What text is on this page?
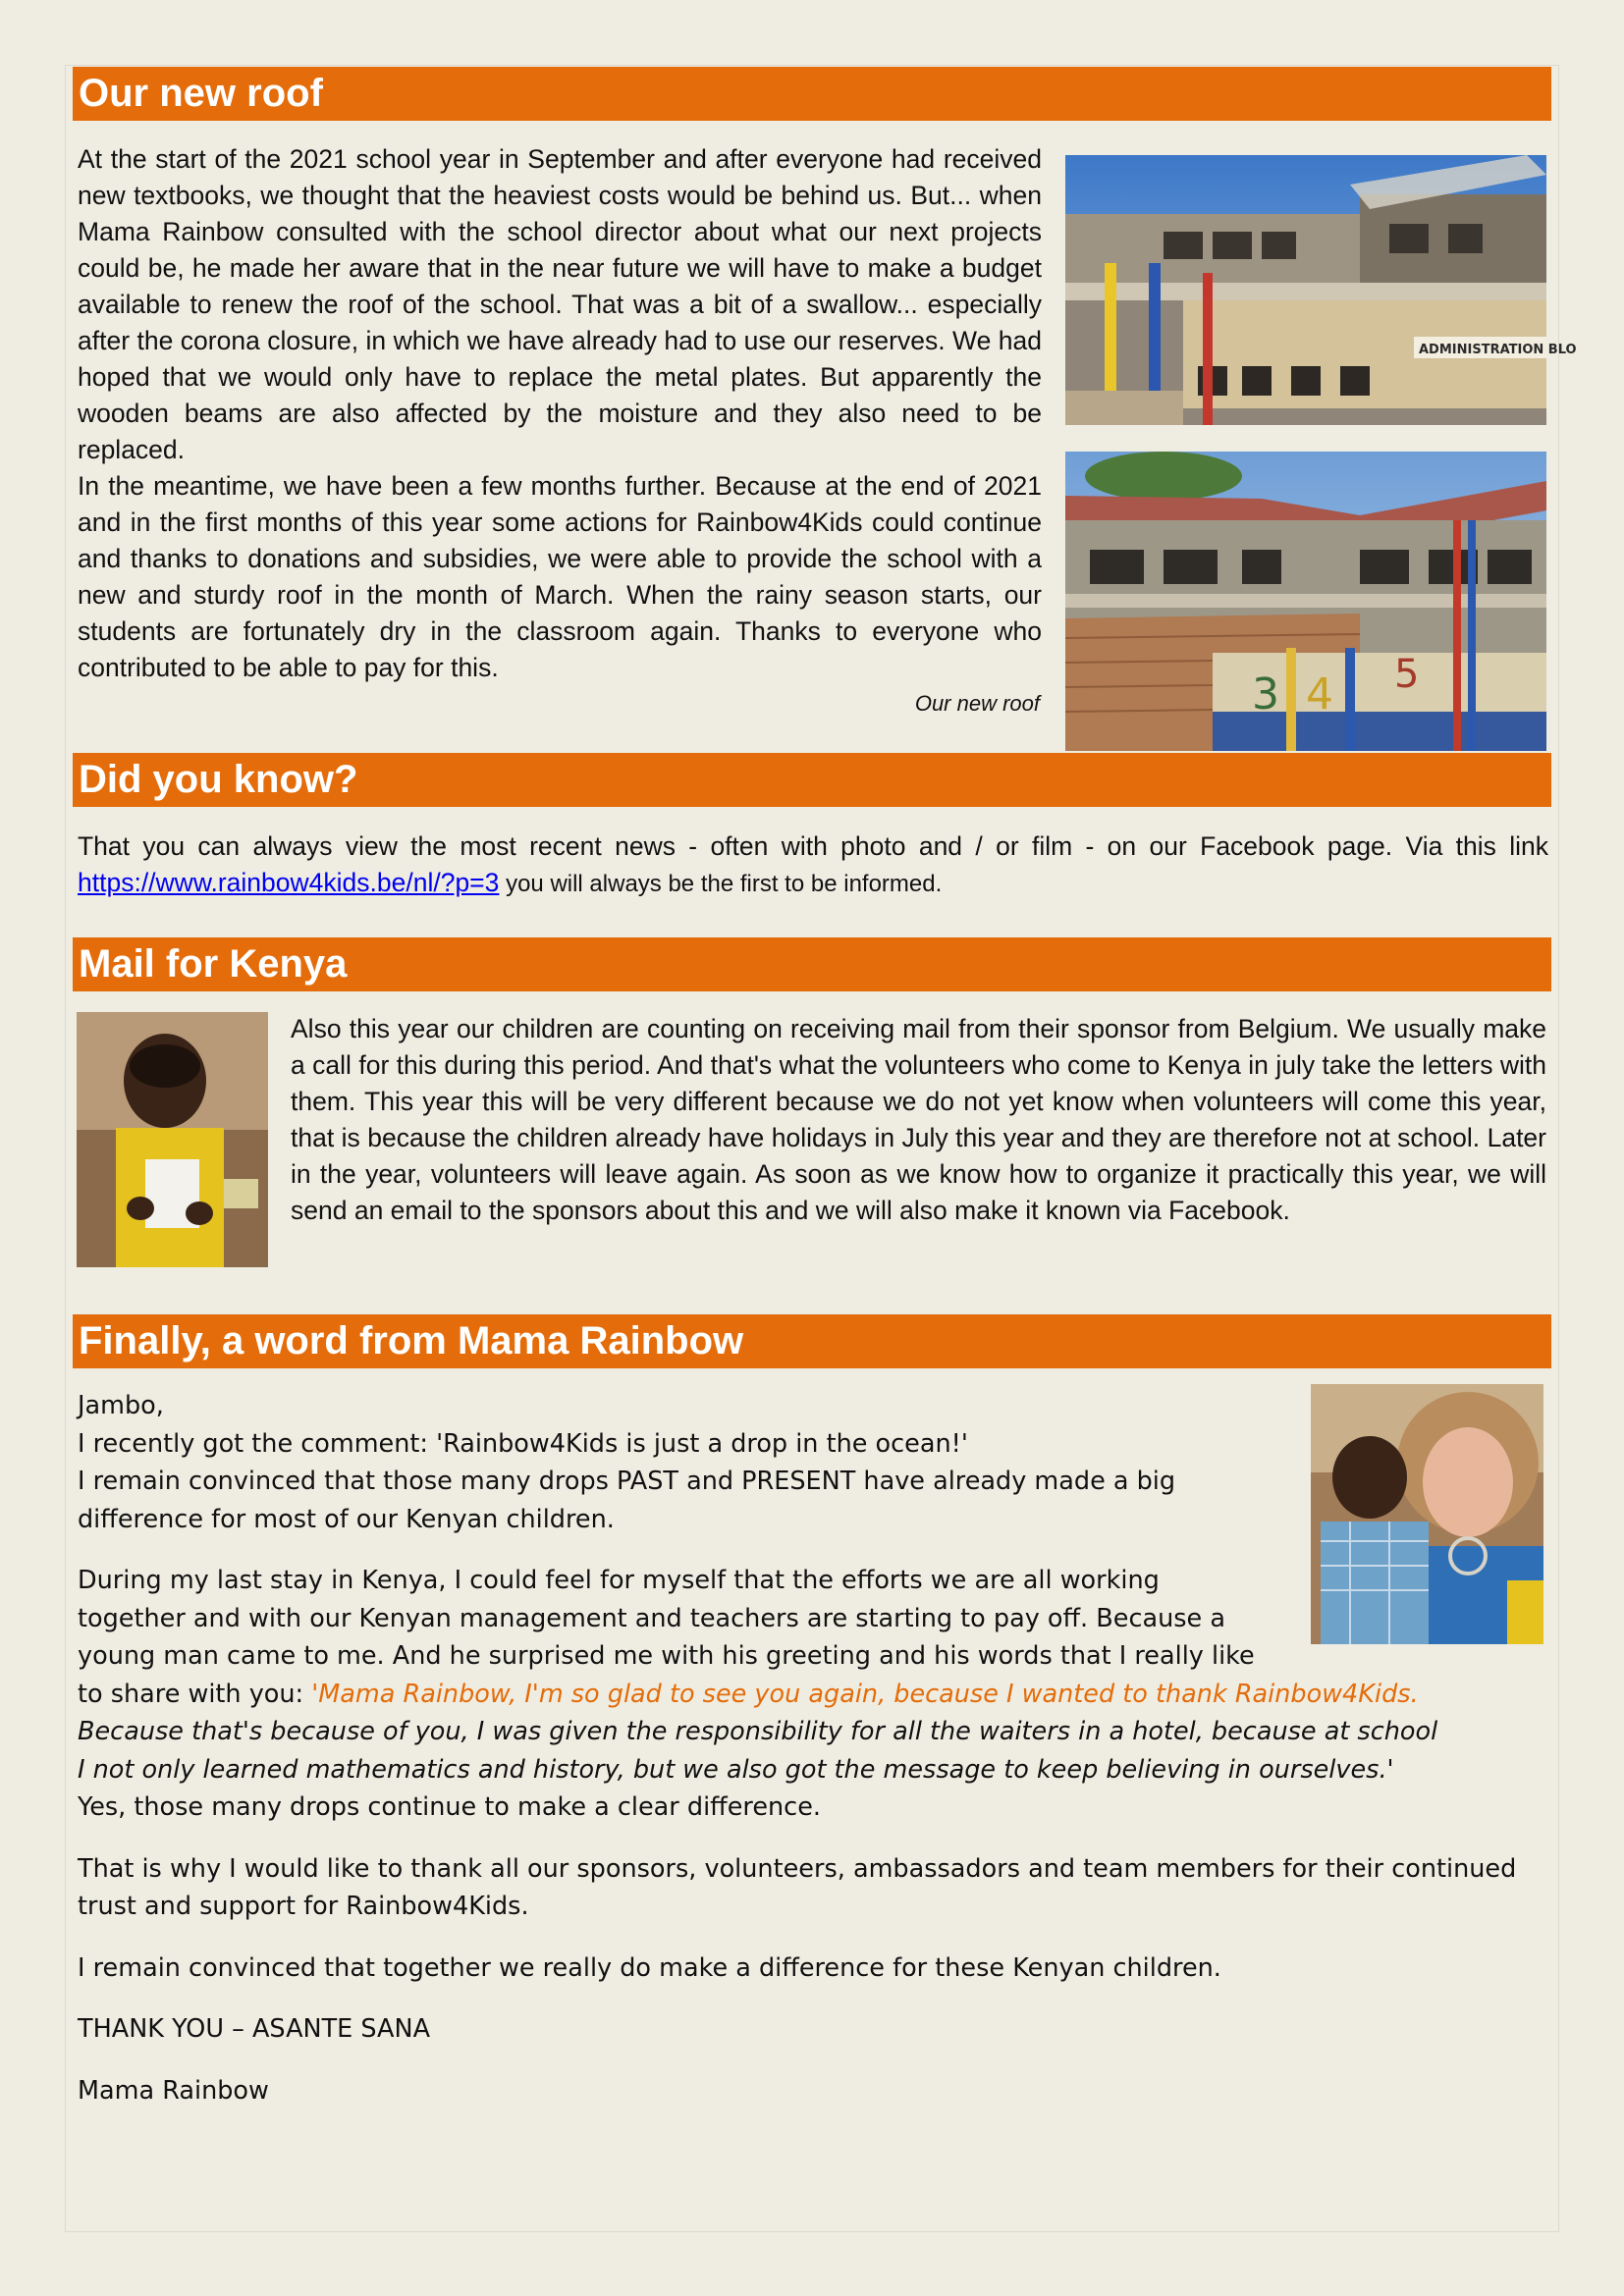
Our new roof

At the start of the 2021 school year in September and after everyone had received new textbooks, we thought that the heaviest costs would be behind us. But... when Mama Rainbow consulted with the school director about what our next projects could be, he made her aware that in the near future we will have to make a budget available to renew the roof of the school. That was a bit of a swallow... especially after the corona closure, in which we have already had to use our reserves. We had hoped that we would only have to replace the metal plates. But apparently the wooden beams are also affected by the moisture and they also need to be replaced.

In the meantime, we have been a few months further. Because at the end of 2021 and in the first months of this year some actions for Rainbow4Kids could continue and thanks to donations and subsidies, we were able to provide the school with a new and sturdy roof in the month of March. When the rainy season starts, our students are fortunately dry in the classroom again. Thanks to everyone who contributed to be able to pay for this.

Our new roof
ADMINISTRATION BLO
3 4 5
Did you know?
That you can always view the most recent news - often with photo and / or film - on our Facebook page. Via this link https://www.rainbow4kids.be/nl/?p=3 you will always be the first to be informed.
Mail for Kenya

Also this year our children are counting on receiving mail from their sponsor from Belgium. We usually make a call for this during this period. And that's what the volunteers who come to Kenya in july take the letters with them. This year this will be very different because we do not yet know when volunteers will come this year, that is because the children already have holidays in July this year and they are therefore not at school. Later in the year, volunteers will leave again. As soon as we know how to organize it practically this year, we will send an email to the sponsors about this and we will also make it known via Facebook.

Finally, a word from Mama Rainbow

Jambo,

I recently got the comment: 'Rainbow4Kids is just a drop in the ocean!'

I remain convinced that those many drops PAST and PRESENT have already made a big

difference for most of our Kenyan children.

During my last stay in Kenya, I could feel for myself that the efforts we are all working

together and with our Kenyan management and teachers are starting to pay off. Because a

young man came to me. And he surprised me with his greeting and his words that I really like

to share with you: 'Mama Rainbow, I'm so glad to see you again, because I wanted to thank Rainbow4Kids.

Because that's because of you, I was given the responsibility for all the waiters in a hotel, because at school

I not only learned mathematics and history, but we also got the message to keep believing in ourselves.'

Yes, those many drops continue to make a clear difference.

That is why I would like to thank all our sponsors, volunteers, ambassadors and team members for their continued trust and support for Rainbow4Kids.

I remain convinced that together we really do make a difference for these Kenyan children.

THANK YOU – ASANTE SANA

Mama Rainbow
